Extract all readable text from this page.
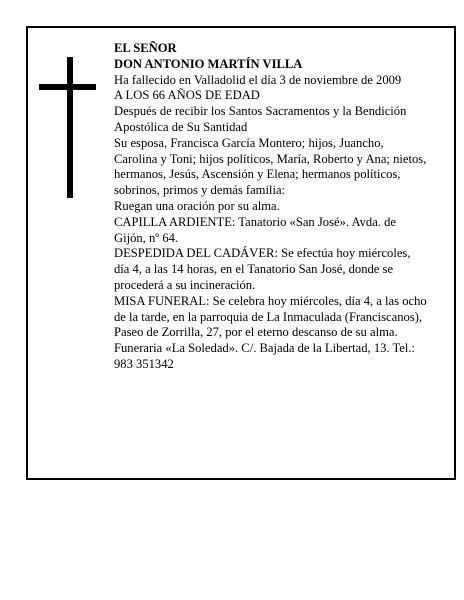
EL SEÑOR

DON ANTONIO MARTÍN VILLA

Ha fallecido en Valladolid el día 3 de noviembre de 2009

A LOS 66 AÑOS DE EDAD

Después de recibir los Santos Sacramentos y la Bendición Apostólica de Su Santidad

Su esposa, Francisca García Montero; hijos, Juancho, Carolina y Toni; hijos políticos, María, Roberto y Ana; nietos, hermanos, Jesús, Ascensión y Elena; hermanos políticos, sobrinos, primos y demás familia:

Ruegan una oración por su alma.

CAPILLA ARDIENTE: Tanatorio «San José». Avda. de Gijón, nº 64.

DESPEDIDA DEL CADÁVER: Se efectúa hoy miércoles, día 4, a las 14 horas, en el Tanatorio San José, donde se procederá a su incineración.

MISA FUNERAL: Se celebra hoy miércoles, día 4, a las ocho de la tarde, en la parroquia de La Inmaculada (Franciscanos), Paseo de Zorrilla, 27, por el eterno descanso de su alma.

Funeraria «La Soledad». C/. Bajada de la Libertad, 13. Tel.: 983 351342
